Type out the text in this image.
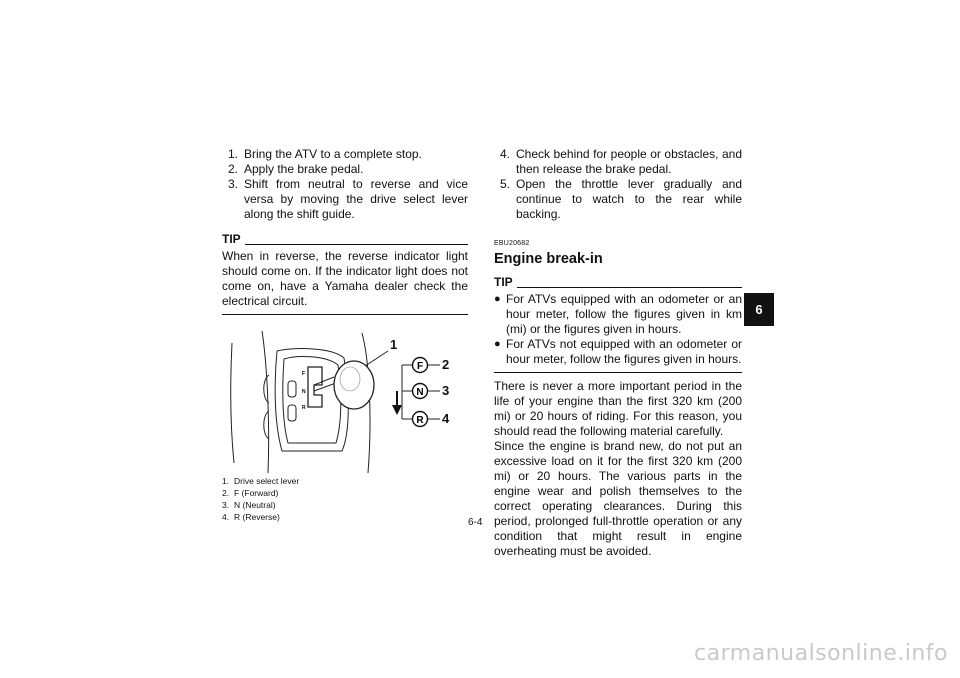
1. Bring the ATV to a complete stop.
2. Apply the brake pedal.
3. Shift from neutral to reverse and vice versa by moving the drive select lever along the shift guide.
TIP
When in reverse, the reverse indicator light should come on. If the indicator light does not come on, have a Yamaha dealer check the electrical circuit.
F
N
R
F
N
R
1
2
3
4
1. Drive select lever
2. F (Forward)
3. N (Neutral)
4. R (Reverse)
4. Check behind for people or obstacles, and then release the brake pedal.
5. Open the throttle lever gradually and continue to watch to the rear while backing.
EBU20682
Engine break-in
TIP
● For ATVs equipped with an odometer or an hour meter, follow the figures given in km (mi) or the figures given in hours.
● For ATVs not equipped with an odometer or hour meter, follow the figures given in hours.

There is never a more important period in the life of your engine than the first 320 km (200 mi) or 20 hours of riding. For this reason, you should read the following material carefully.

Since the engine is brand new, do not put an excessive load on it for the first 320 km (200 mi) or 20 hours. The various parts in the engine wear and polish themselves to the correct operating clearances. During this period, prolonged full-throttle operation or any condition that might result in engine overheating must be avoided.

6
6-4
carmanualsonline.info
